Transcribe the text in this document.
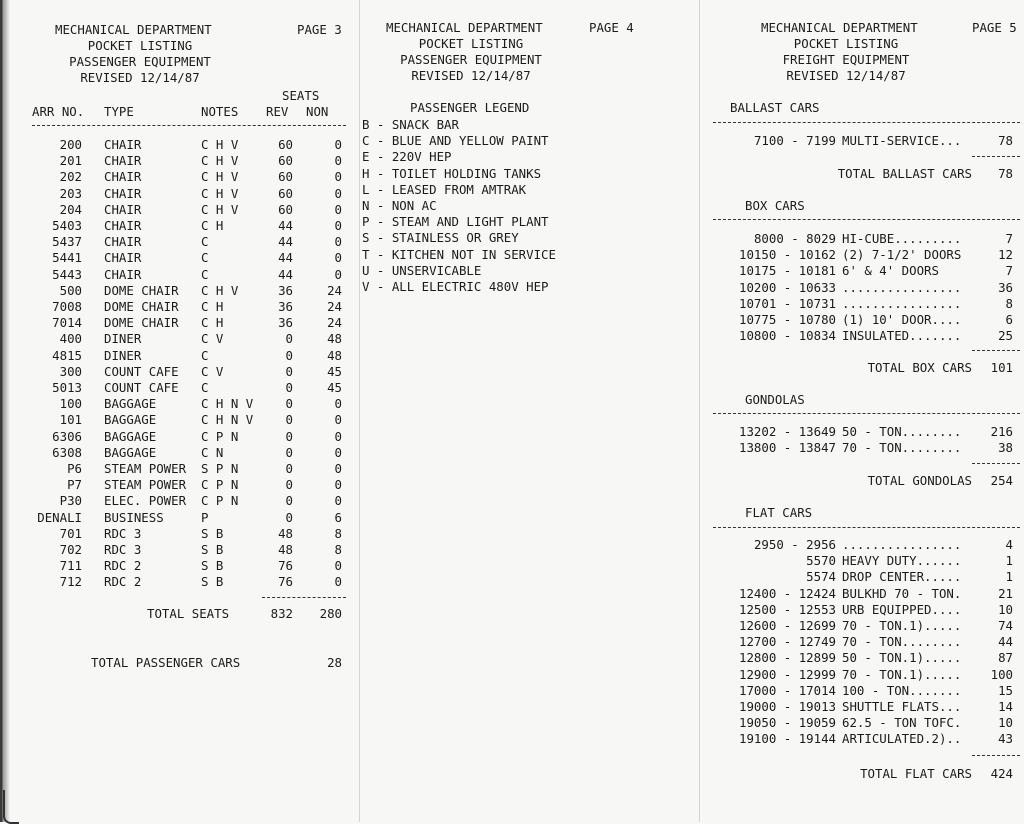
MECHANICAL DEPARTMENT	PAGE 3
POCKET LISTING
PASSENGER EQUIPMENT
REVISED 12/14/87
SEATS
ARR NO. TYPE	NOTES REV NON
200 CHAIR	C H V	60	0
201 CHAIR	C H V	60	0
202 CHAIR	C H V	60	0
203 CHAIR	C H V	60	0
204 CHAIR	C H V	60	0
5403 CHAIR	C H	44	0
5437 CHAIR	C	44	0
5441 CHAIR	C	44	0
5443 CHAIR	C	44	0
500 DOME CHAIR C H V	36	24
7008 DOME CHAIR C H	36	24
7014 DOME CHAIR C H	36	24
400 DINER	C V	0	48
4815 DINER	C	0	48
300 COUNT CAFE C V	0	45
5013 COUNT CAFE C	0	45
100 BAGGAGE	C H N V	0	0
101 BAGGAGE	C H N V	0	0
6306 BAGGAGE	C P N	0	0
6308 BAGGAGE	C N	0	0
P6 STEAM POWER S P N	0	0
P7 STEAM POWER C P N	0	0
P30 ELEC. POWER C P N	0	0
DENALI BUSINESS	P	0	6
701 RDC 3	S B	48	8
702 RDC 3	S B	48	8
711 RDC 2	S B	76	0
712 RDC 2	S B	76	0
TOTAL SEATS	832	280
TOTAL PASSENGER CARS	28
MECHANICAL DEPARTMENT	PAGE 4
POCKET LISTING
PASSENGER EQUIPMENT
REVISED 12/14/87
PASSENGER LEGEND
B - SNACK BAR
C - BLUE AND YELLOW PAINT
E - 220V HEP
H - TOILET HOLDING TANKS
L - LEASED FROM AMTRAK
N - NON AC
P - STEAM AND LIGHT PLANT
S - STAINLESS OR GREY
T - KITCHEN NOT IN SERVICE
U - UNSERVICABLE
V - ALL ELECTRIC 480V HEP
MECHANICAL DEPARTMENT	PAGE 5
POCKET LISTING
FREIGHT EQUIPMENT
REVISED 12/14/87
BALLAST CARS
7100 - 7199 MULTI-SERVICE...	78
TOTAL BALLAST CARS	78
BOX CARS
8000 - 8029 HI-CUBE.........	7
10150 - 10162 (2) 7-1/2' DOORS	12
10175 - 10181 6' & 4' DOORS	7
10200 - 10633 ................	36
10701 - 10731 ................	8
10775 - 10780 (1) 10' DOOR....	6
10800 - 10834 INSULATED.......	25
TOTAL BOX CARS	101
GONDOLAS
13202 - 13649 50 - TON........	216
13800 - 13847 70 - TON........	38
TOTAL GONDOLAS	254
FLAT CARS
2950 - 2956 ................	4
5570 HEAVY DUTY......	1
5574 DROP CENTER.....	1
12400 - 12424 BULKHD 70 - TON.	21
12500 - 12553 URB EQUIPPED....	10
12600 - 12699 70 - TON.1).....	74
12700 - 12749 70 - TON........	44
12800 - 12899 50 - TON.1).....	87
12900 - 12999 70 - TON.1).....	100
17000 - 17014 100 - TON.......	15
19000 - 19013 SHUTTLE FLATS...	14
19050 - 19059 62.5 - TON TOFC.	10
19100 - 19144 ARTICULATED.2)..	43
TOTAL FLAT CARS	424
